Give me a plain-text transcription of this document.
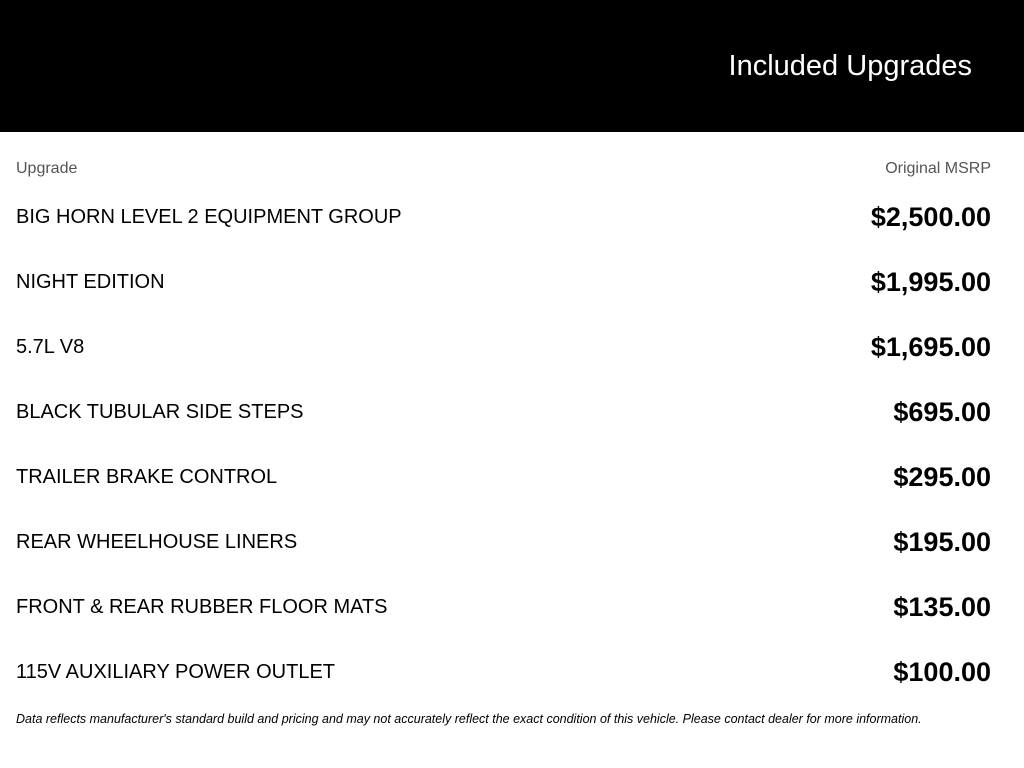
Included Upgrades
Upgrade	Original MSRP
BIG HORN LEVEL 2 EQUIPMENT GROUP	$2,500.00
NIGHT EDITION	$1,995.00
5.7L V8	$1,695.00
BLACK TUBULAR SIDE STEPS	$695.00
TRAILER BRAKE CONTROL	$295.00
REAR WHEELHOUSE LINERS	$195.00
FRONT & REAR RUBBER FLOOR MATS	$135.00
115V AUXILIARY POWER OUTLET	$100.00
Data reflects manufacturer's standard build and pricing and may not accurately reflect the exact condition of this vehicle. Please contact dealer for more information.
